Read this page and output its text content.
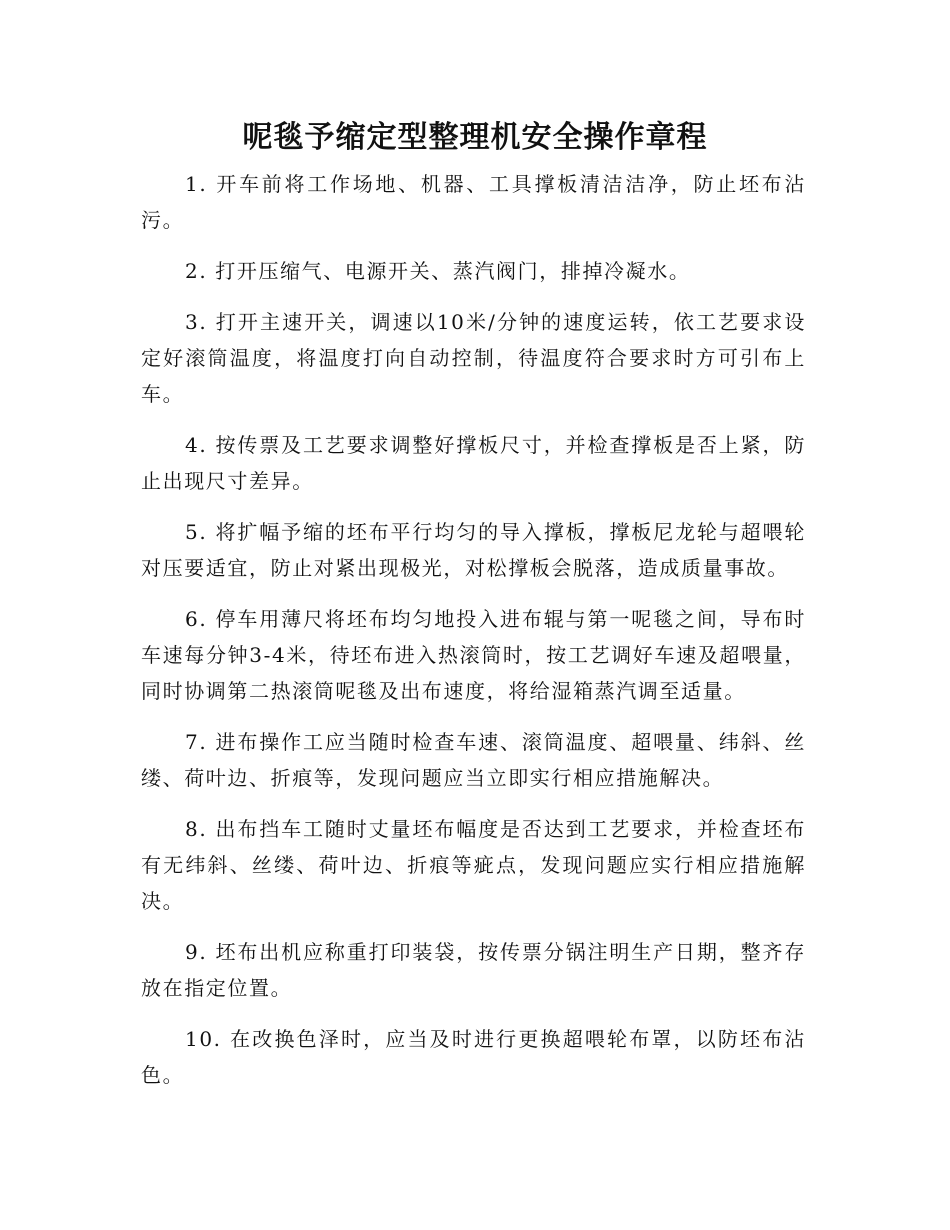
呢毯予缩定型整理机安全操作章程

1. 开车前将工作场地、机器、工具撑板清洁洁净，防止坯布沾污。

2. 打开压缩气、电源开关、蒸汽阀门，排掉冷凝水。

3. 打开主速开关，调速以10米/分钟的速度运转，依工艺要求设定好滚筒温度，将温度打向自动控制，待温度符合要求时方可引布上车。

4. 按传票及工艺要求调整好撑板尺寸，并检查撑板是否上紧，防止出现尺寸差异。

5. 将扩幅予缩的坯布平行均匀的导入撑板，撑板尼龙轮与超喂轮对压要适宜，防止对紧出现极光，对松撑板会脱落，造成质量事故。

6. 停车用薄尺将坯布均匀地投入进布辊与第一呢毯之间，导布时车速每分钟3-4米，待坯布进入热滚筒时，按工艺调好车速及超喂量，同时协调第二热滚筒呢毯及出布速度，将给湿箱蒸汽调至适量。

7. 进布操作工应当随时检查车速、滚筒温度、超喂量、纬斜、丝缕、荷叶边、折痕等，发现问题应当立即实行相应措施解决。

8. 出布挡车工随时丈量坯布幅度是否达到工艺要求，并检查坯布有无纬斜、丝缕、荷叶边、折痕等疵点，发现问题应实行相应措施解决。

9. 坯布出机应称重打印装袋，按传票分锅注明生产日期，整齐存放在指定位置。

10. 在改换色泽时，应当及时进行更换超喂轮布罩，以防坯布沾色。
